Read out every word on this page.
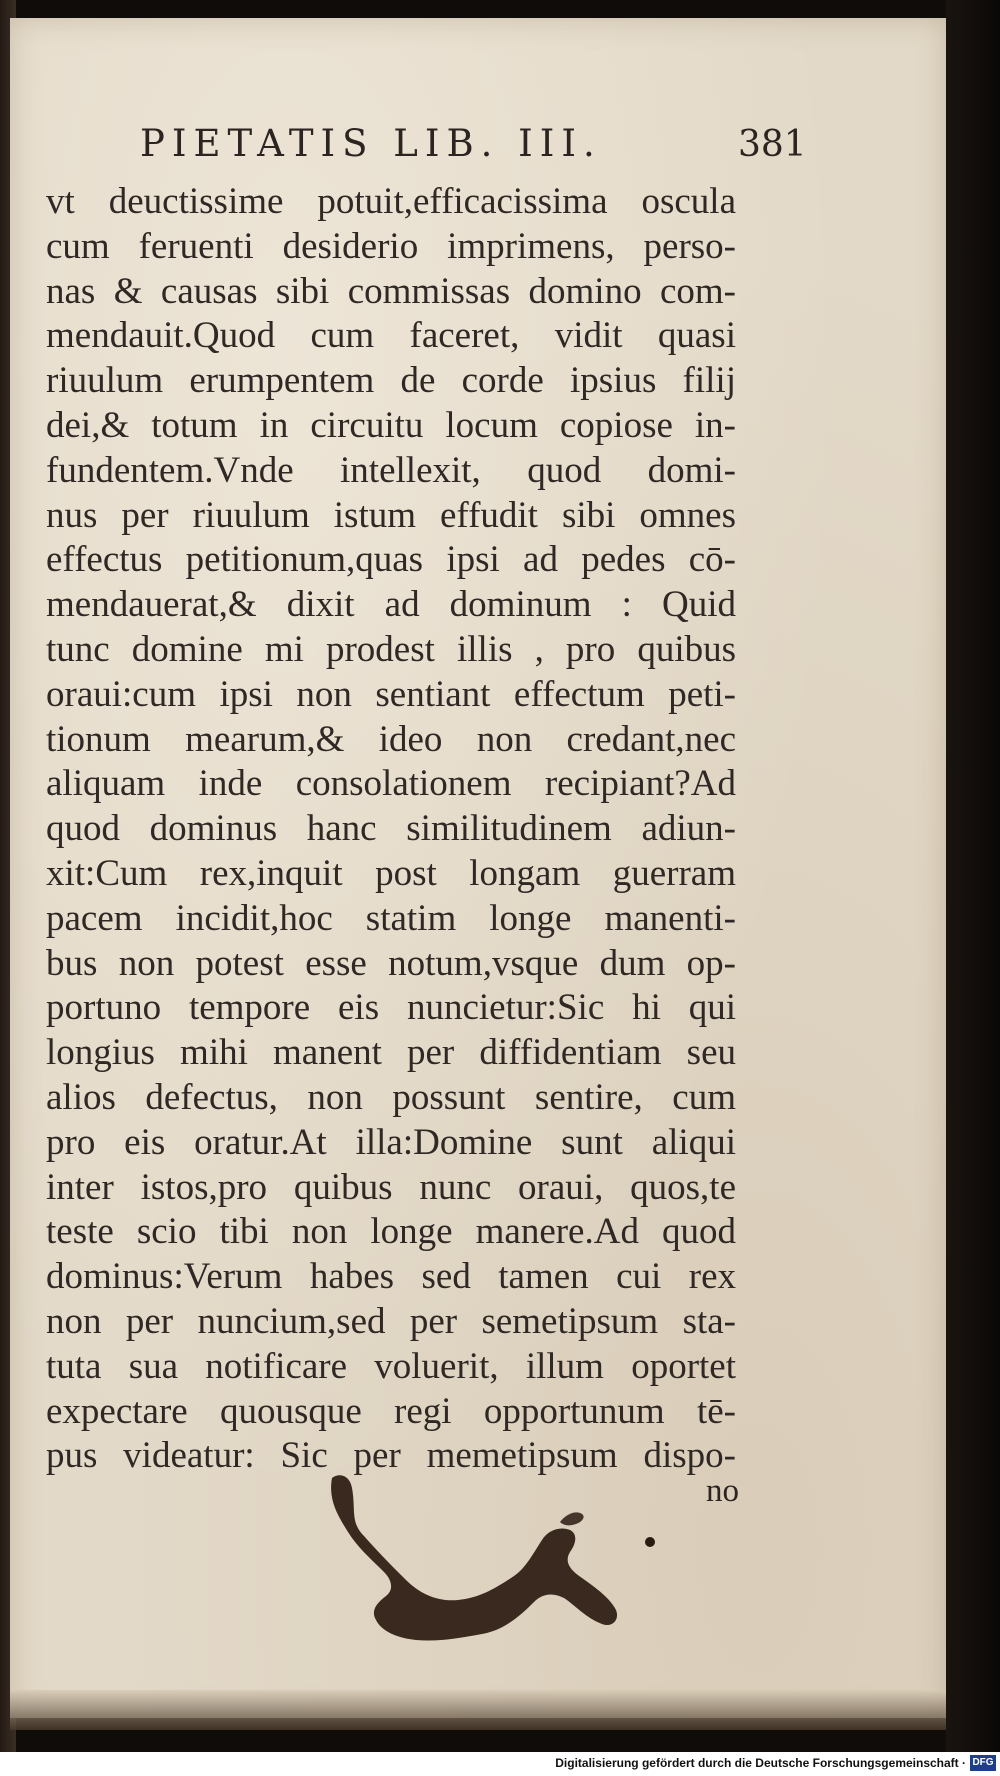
PIETATIS LIB. III.	381
vt deuctissime potuit,efficacissima oscula
cum feruenti desiderio imprimens, perso-
nas & causas sibi commissas domino com-
mendauit.Quod cum faceret, vidit quasi
riuulum erumpentem de corde ipsius filij
dei,& totum in circuitu locum copiose in-
fundentem.Vnde intellexit, quod domi-
nus per riuulum istum effudit sibi omnes
effectus petitionum,quas ipsi ad pedes cō-
mendauerat,& dixit ad dominum : Quid
tunc domine mi prodest illis , pro quibus
oraui:cum ipsi non sentiant effectum peti-
tionum mearum,& ideo non credant,nec
aliquam inde consolationem recipiant?Ad
quod dominus hanc similitudinem adiun-
xit:Cum rex,inquit post longam guerram
pacem incidit,hoc statim longe manenti-
bus non potest esse notum,vsque dum op-
portuno tempore eis nuncietur:Sic hi qui
longius mihi manent per diffidentiam seu
alios defectus, non possunt sentire, cum
pro eis oratur.At illa:Domine sunt aliqui
inter istos,pro quibus nunc oraui, quos,te
teste scio tibi non longe manere.Ad quod
dominus:Verum habes sed tamen cui rex
non per nuncium,sed per semetipsum sta-
tuta sua notificare voluerit, illum oportet
expectare quousque regi opportunum tē-
pus videatur: Sic per memetipsum dispo-
no
Digitalisierung gefördert durch die Deutsche Forschungsgemeinschaft · DFG
